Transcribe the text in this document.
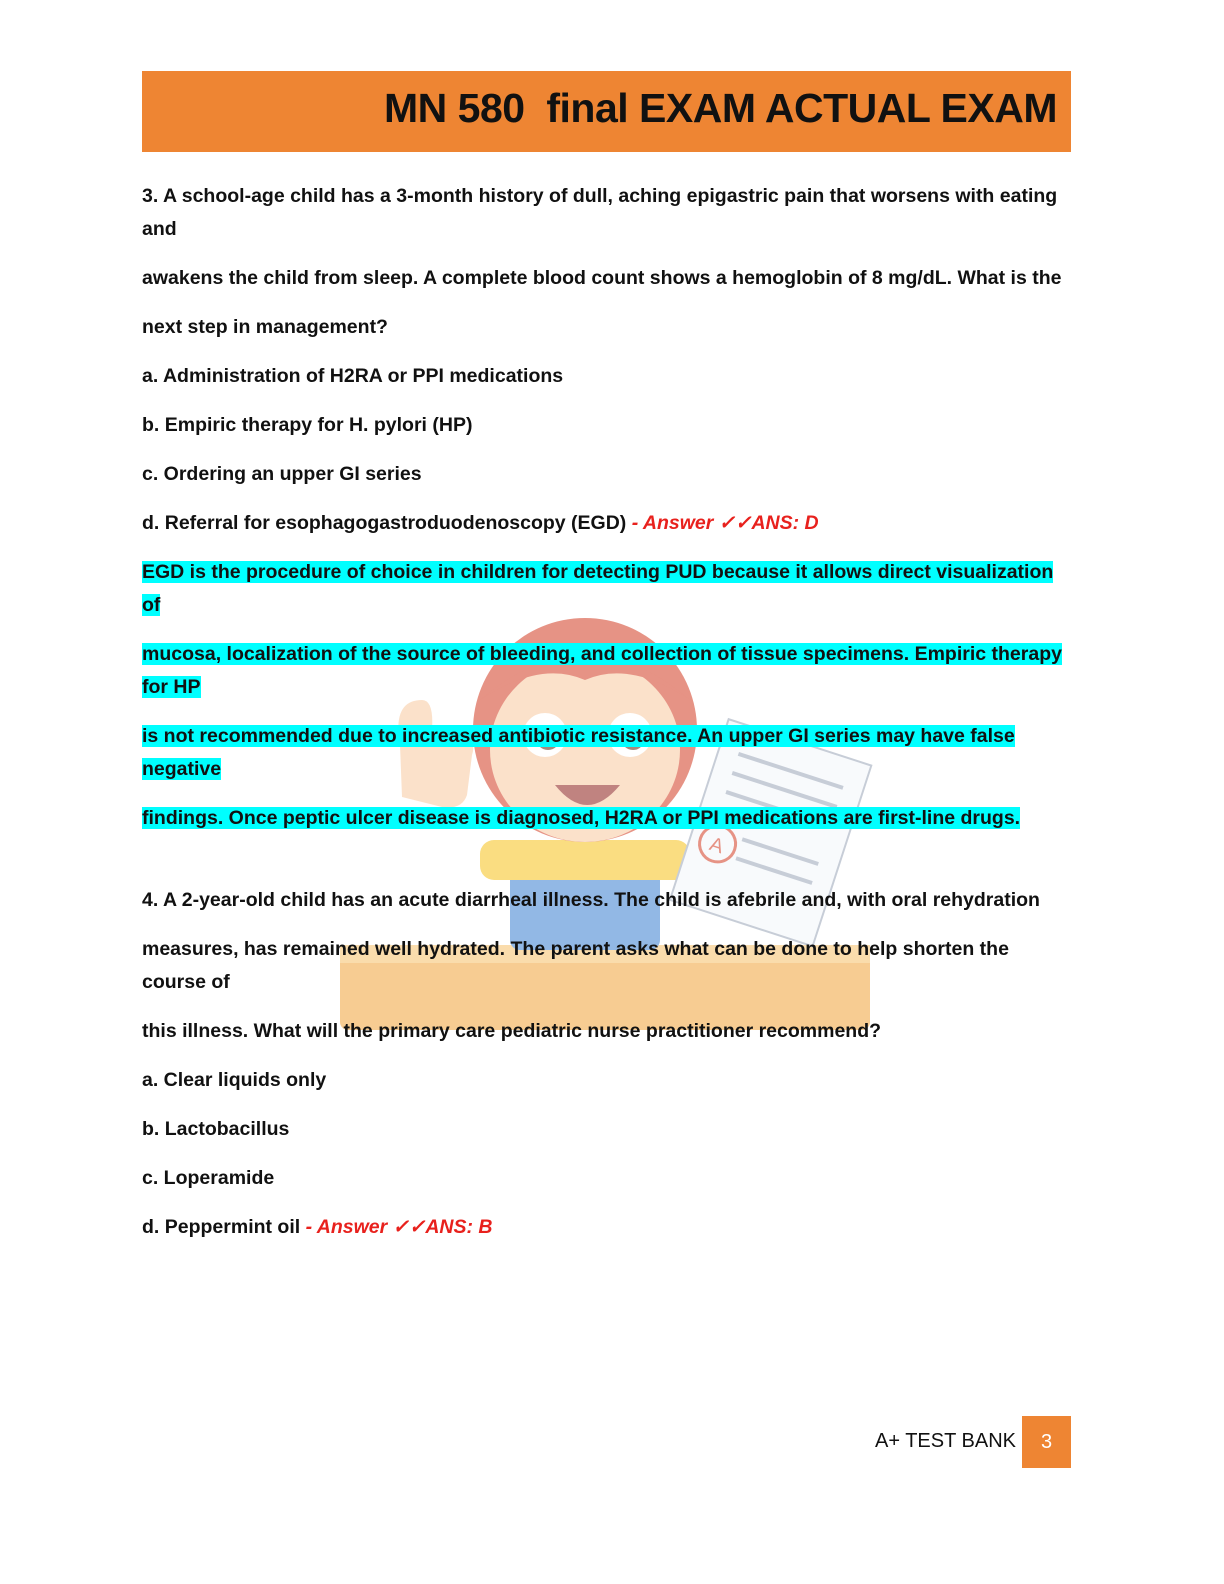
MN 580  final EXAM ACTUAL EXAM
A

3. A school-age child has a 3-month history of dull, aching epigastric pain that worsens with eating and

awakens the child from sleep. A complete blood count shows a hemoglobin of 8 mg/dL. What is the

next step in management?

a. Administration of H2RA or PPI medications

b. Empiric therapy for H. pylori (HP)

c. Ordering an upper GI series

d. Referral for esophagogastroduodenoscopy (EGD) - Answer ✓✓ANS: D

EGD is the procedure of choice in children for detecting PUD because it allows direct visualization of

mucosa, localization of the source of bleeding, and collection of tissue specimens. Empiric therapy for HP

is not recommended due to increased antibiotic resistance. An upper GI series may have false negative

findings. Once peptic ulcer disease is diagnosed, H2RA or PPI medications are first-line drugs.

4. A 2-year-old child has an acute diarrheal illness. The child is afebrile and, with oral rehydration

measures, has remained well hydrated. The parent asks what can be done to help shorten the course of

this illness. What will the primary care pediatric nurse practitioner recommend?

a. Clear liquids only

b. Lactobacillus

c. Loperamide

d. Peppermint oil - Answer ✓✓ANS: B

A+ TEST BANK	3
